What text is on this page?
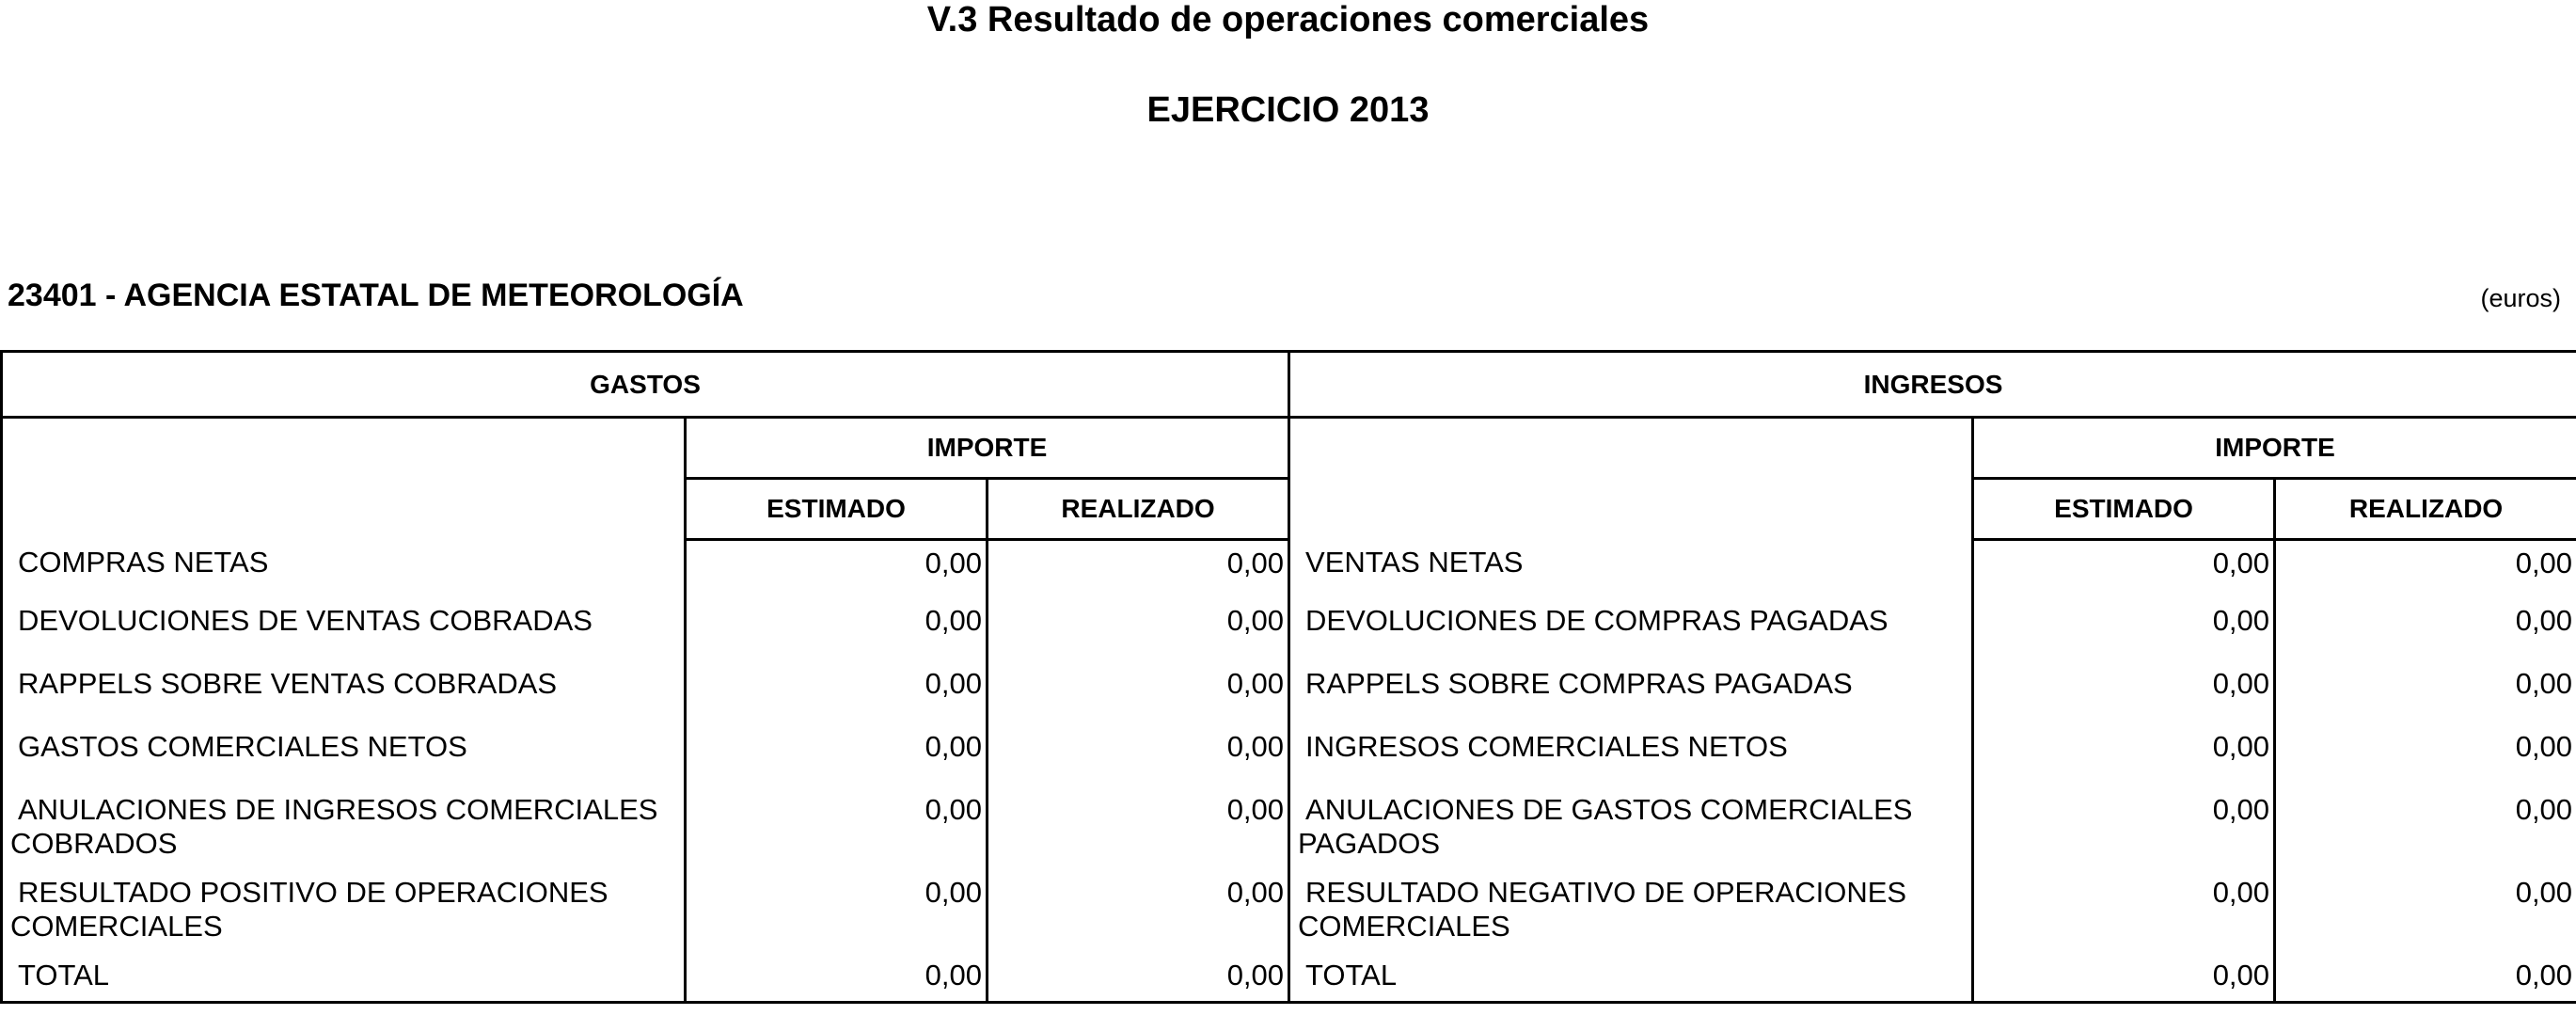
V.3 Resultado de operaciones comerciales
EJERCICIO 2013
23401 - AGENCIA ESTATAL DE METEOROLOGÍA	(euros)
GASTOS			INGRESOS		
	IMPORTE			IMPORTE	
	ESTIMADO	REALIZADO		ESTIMADO	REALIZADO
COMPRAS NETAS	0,00	0,00	VENTAS NETAS	0,00	0,00
DEVOLUCIONES DE VENTAS COBRADAS	0,00	0,00	DEVOLUCIONES DE COMPRAS PAGADAS	0,00	0,00
RAPPELS SOBRE VENTAS COBRADAS	0,00	0,00	RAPPELS SOBRE COMPRAS PAGADAS	0,00	0,00
GASTOS COMERCIALES NETOS	0,00	0,00	INGRESOS COMERCIALES NETOS	0,00	0,00
ANULACIONES DE INGRESOS COMERCIALES COBRADOS	0,00	0,00	ANULACIONES DE GASTOS COMERCIALES PAGADOS	0,00	0,00
RESULTADO POSITIVO DE OPERACIONES COMERCIALES	0,00	0,00	RESULTADO NEGATIVO DE OPERACIONES COMERCIALES	0,00	0,00
TOTAL	0,00	0,00	TOTAL	0,00	0,00
